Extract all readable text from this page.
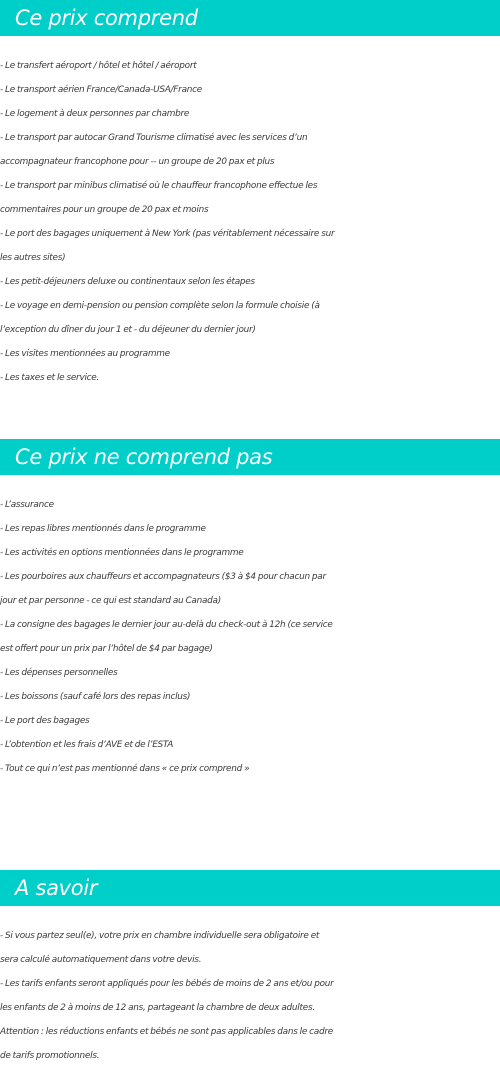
Ce prix comprend
- Le transfert aéroport / hôtel et hôtel / aéroport
- Le transport aérien France/Canada-USA/France
- Le logement à deux personnes par chambre
- Le transport par autocar Grand Tourisme climatisé avec les services d’un
accompagnateur francophone pour -- un groupe de 20 pax et plus
- Le transport par minibus climatisé où le chauffeur francophone effectue les
commentaires pour un groupe de 20 pax et moins
- Le port des bagages uniquement à New York (pas véritablement nécessaire sur
les autres sites)
- Les petit-déjeuners deluxe ou continentaux selon les étapes
- Le voyage en demi-pension ou pension complète selon la formule choisie (à
l’exception du dîner du jour 1 et - du déjeuner du dernier jour)
- Les visites mentionnées au programme
- Les taxes et le service.
Ce prix ne comprend pas
- L’assurance
- Les repas libres mentionnés dans le programme
- Les activités en options mentionnées dans le programme
- Les pourboires aux chauffeurs et accompagnateurs ($3 à $4 pour chacun par
jour et par personne - ce qui est standard au Canada)
- La consigne des bagages le dernier jour au-delà du check-out à 12h (ce service
est offert pour un prix par l’hôtel de $4 par bagage)
- Les dépenses personnelles
- Les boissons (sauf café lors des repas inclus)
- Le port des bagages
- L’obtention et les frais d’AVE et de l’ESTA
- Tout ce qui n’est pas mentionné dans « ce prix comprend »
A savoir
- Si vous partez seul(e), votre prix en chambre individuelle sera obligatoire et
sera calculé automatiquement dans votre devis.
- Les tarifs enfants seront appliqués pour les bébés de moins de 2 ans et/ou pour
les enfants de 2 à moins de 12 ans, partageant la chambre de deux adultes.
Attention : les réductions enfants et bébés ne sont pas applicables dans le cadre
de tarifs promotionnels.
